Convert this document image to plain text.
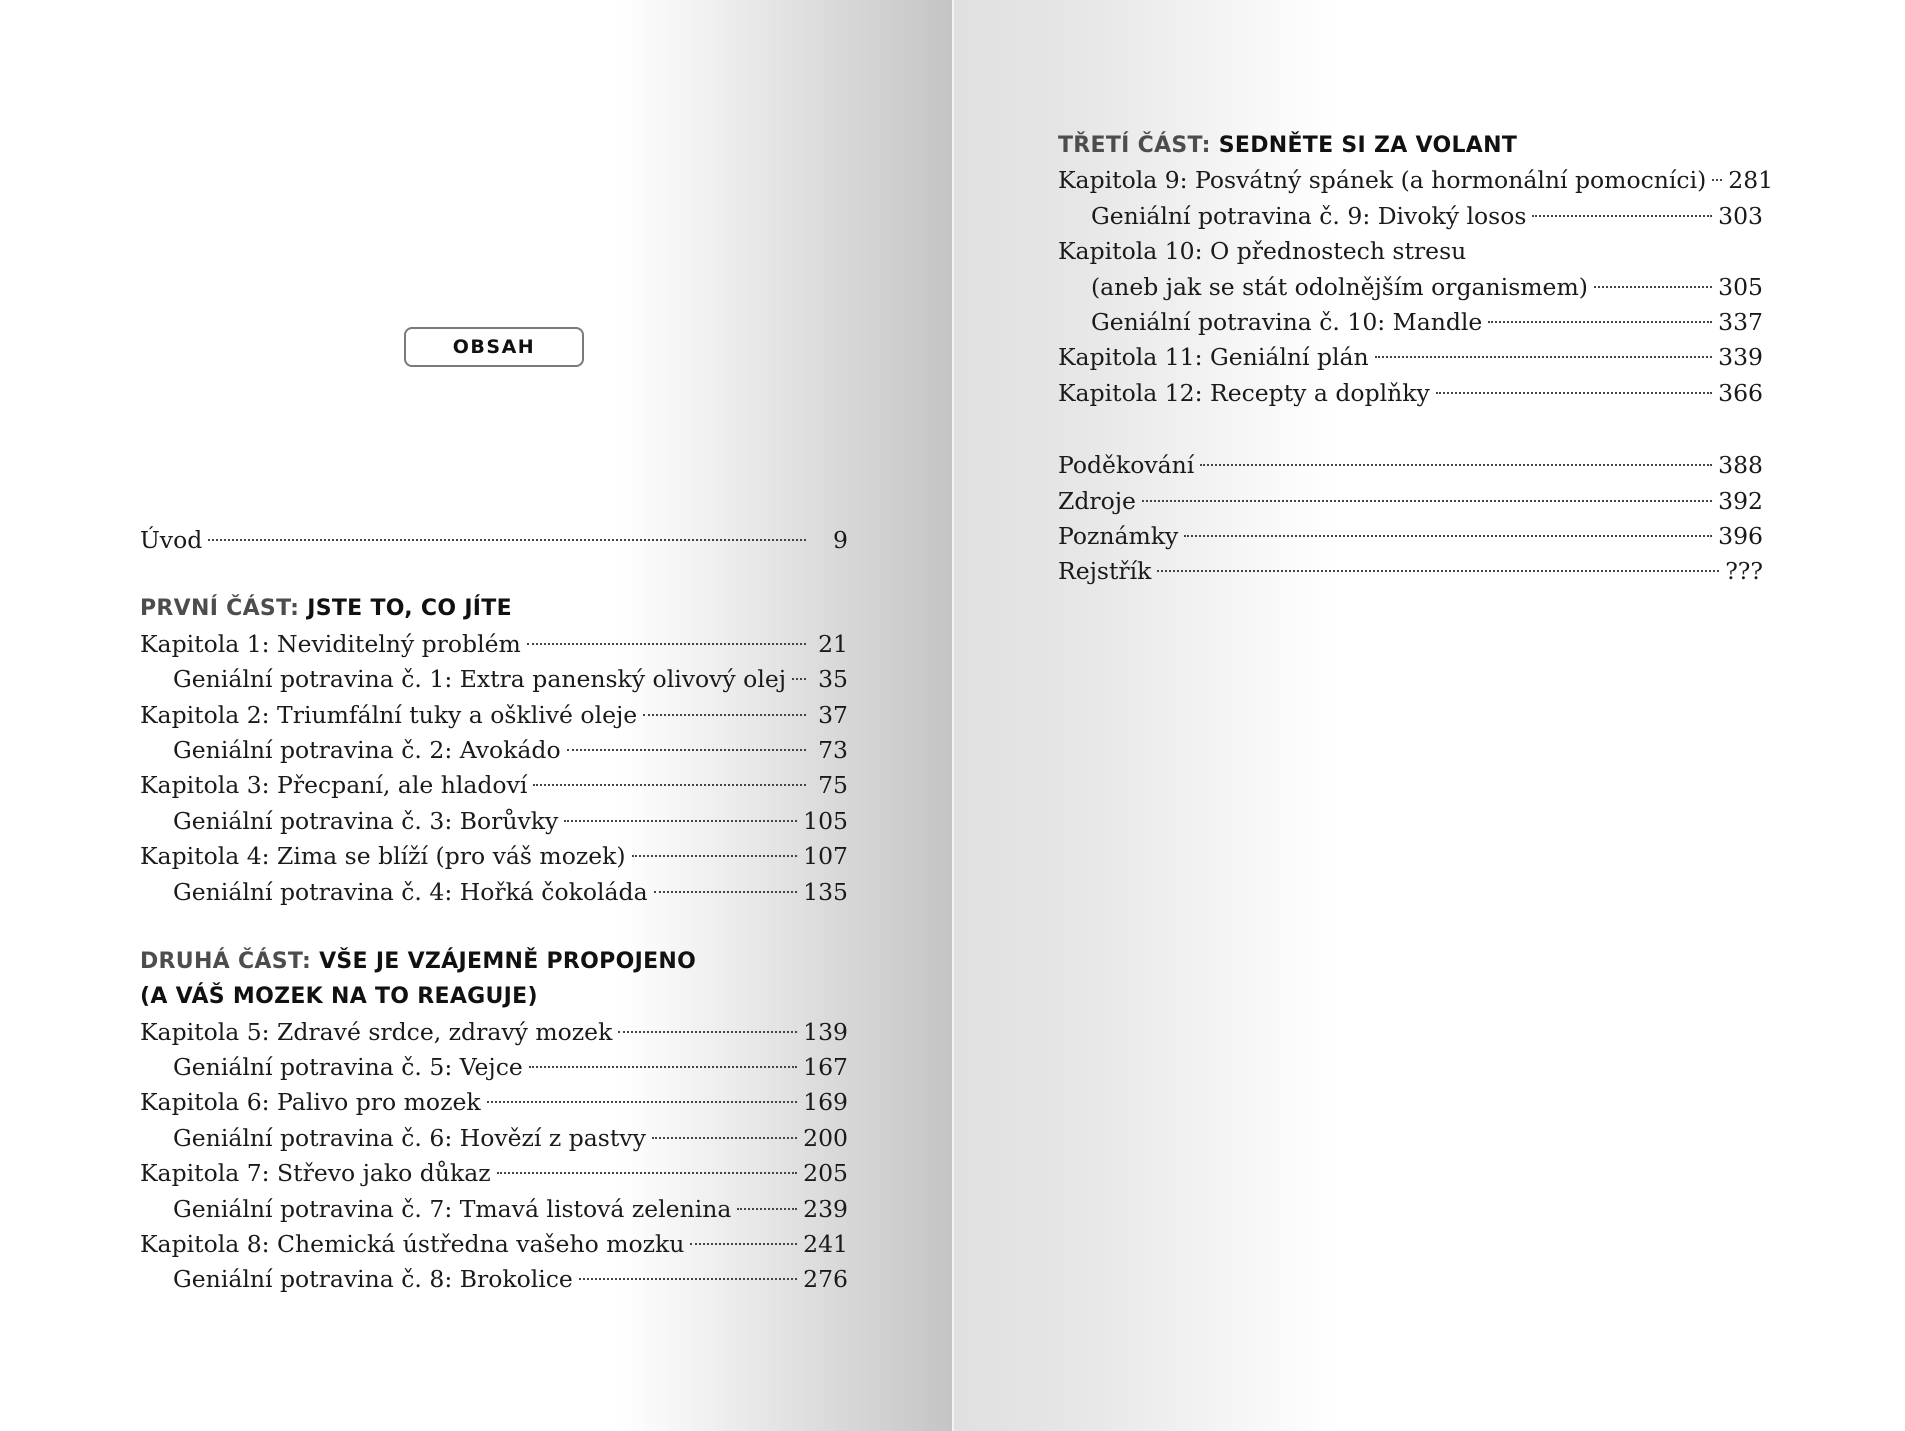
OBSAH
Úvod	9
PRVNÍ ČÁST: JSTE TO, CO JÍTE
Kapitola 1: Neviditelný problém	21
Geniální potravina č. 1: Extra panenský olivový olej 35
Kapitola 2: Triumfální tuky a ošklivé oleje	37
Geniální potravina č. 2: Avokádo	73
Kapitola 3: Přecpaní, ale hladoví	75
Geniální potravina č. 3: Borůvky	105
Kapitola 4: Zima se blíží (pro váš mozek)	107
Geniální potravina č. 4: Hořká čokoláda	135
DRUHÁ ČÁST: VŠE JE VZÁJEMNĚ PROPOJENO
(A VÁŠ MOZEK NA TO REAGUJE)
Kapitola 5: Zdravé srdce, zdravý mozek	139
Geniální potravina č. 5: Vejce	167
Kapitola 6: Palivo pro mozek	169
Geniální potravina č. 6: Hovězí z pastvy	200
Kapitola 7: Střevo jako důkaz	205
Geniální potravina č. 7: Tmavá listová zelenina	239
Kapitola 8: Chemická ústředna vašeho mozku	241
Geniální potravina č. 8: Brokolice	276
TŘETÍ ČÁST: SEDNĚTE SI ZA VOLANT
Kapitola 9: Posvátný spánek (a hormonální pomocníci) 281
Geniální potravina č. 9: Divoký losos	303
Kapitola 10: O přednostech stresu
(aneb jak se stát odolnějším organismem)	305
Geniální potravina č. 10: Mandle	337
Kapitola 11: Geniální plán	339
Kapitola 12: Recepty a doplňky	366
Poděkování	388
Zdroje	392
Poznámky	396
Rejstřík	???
